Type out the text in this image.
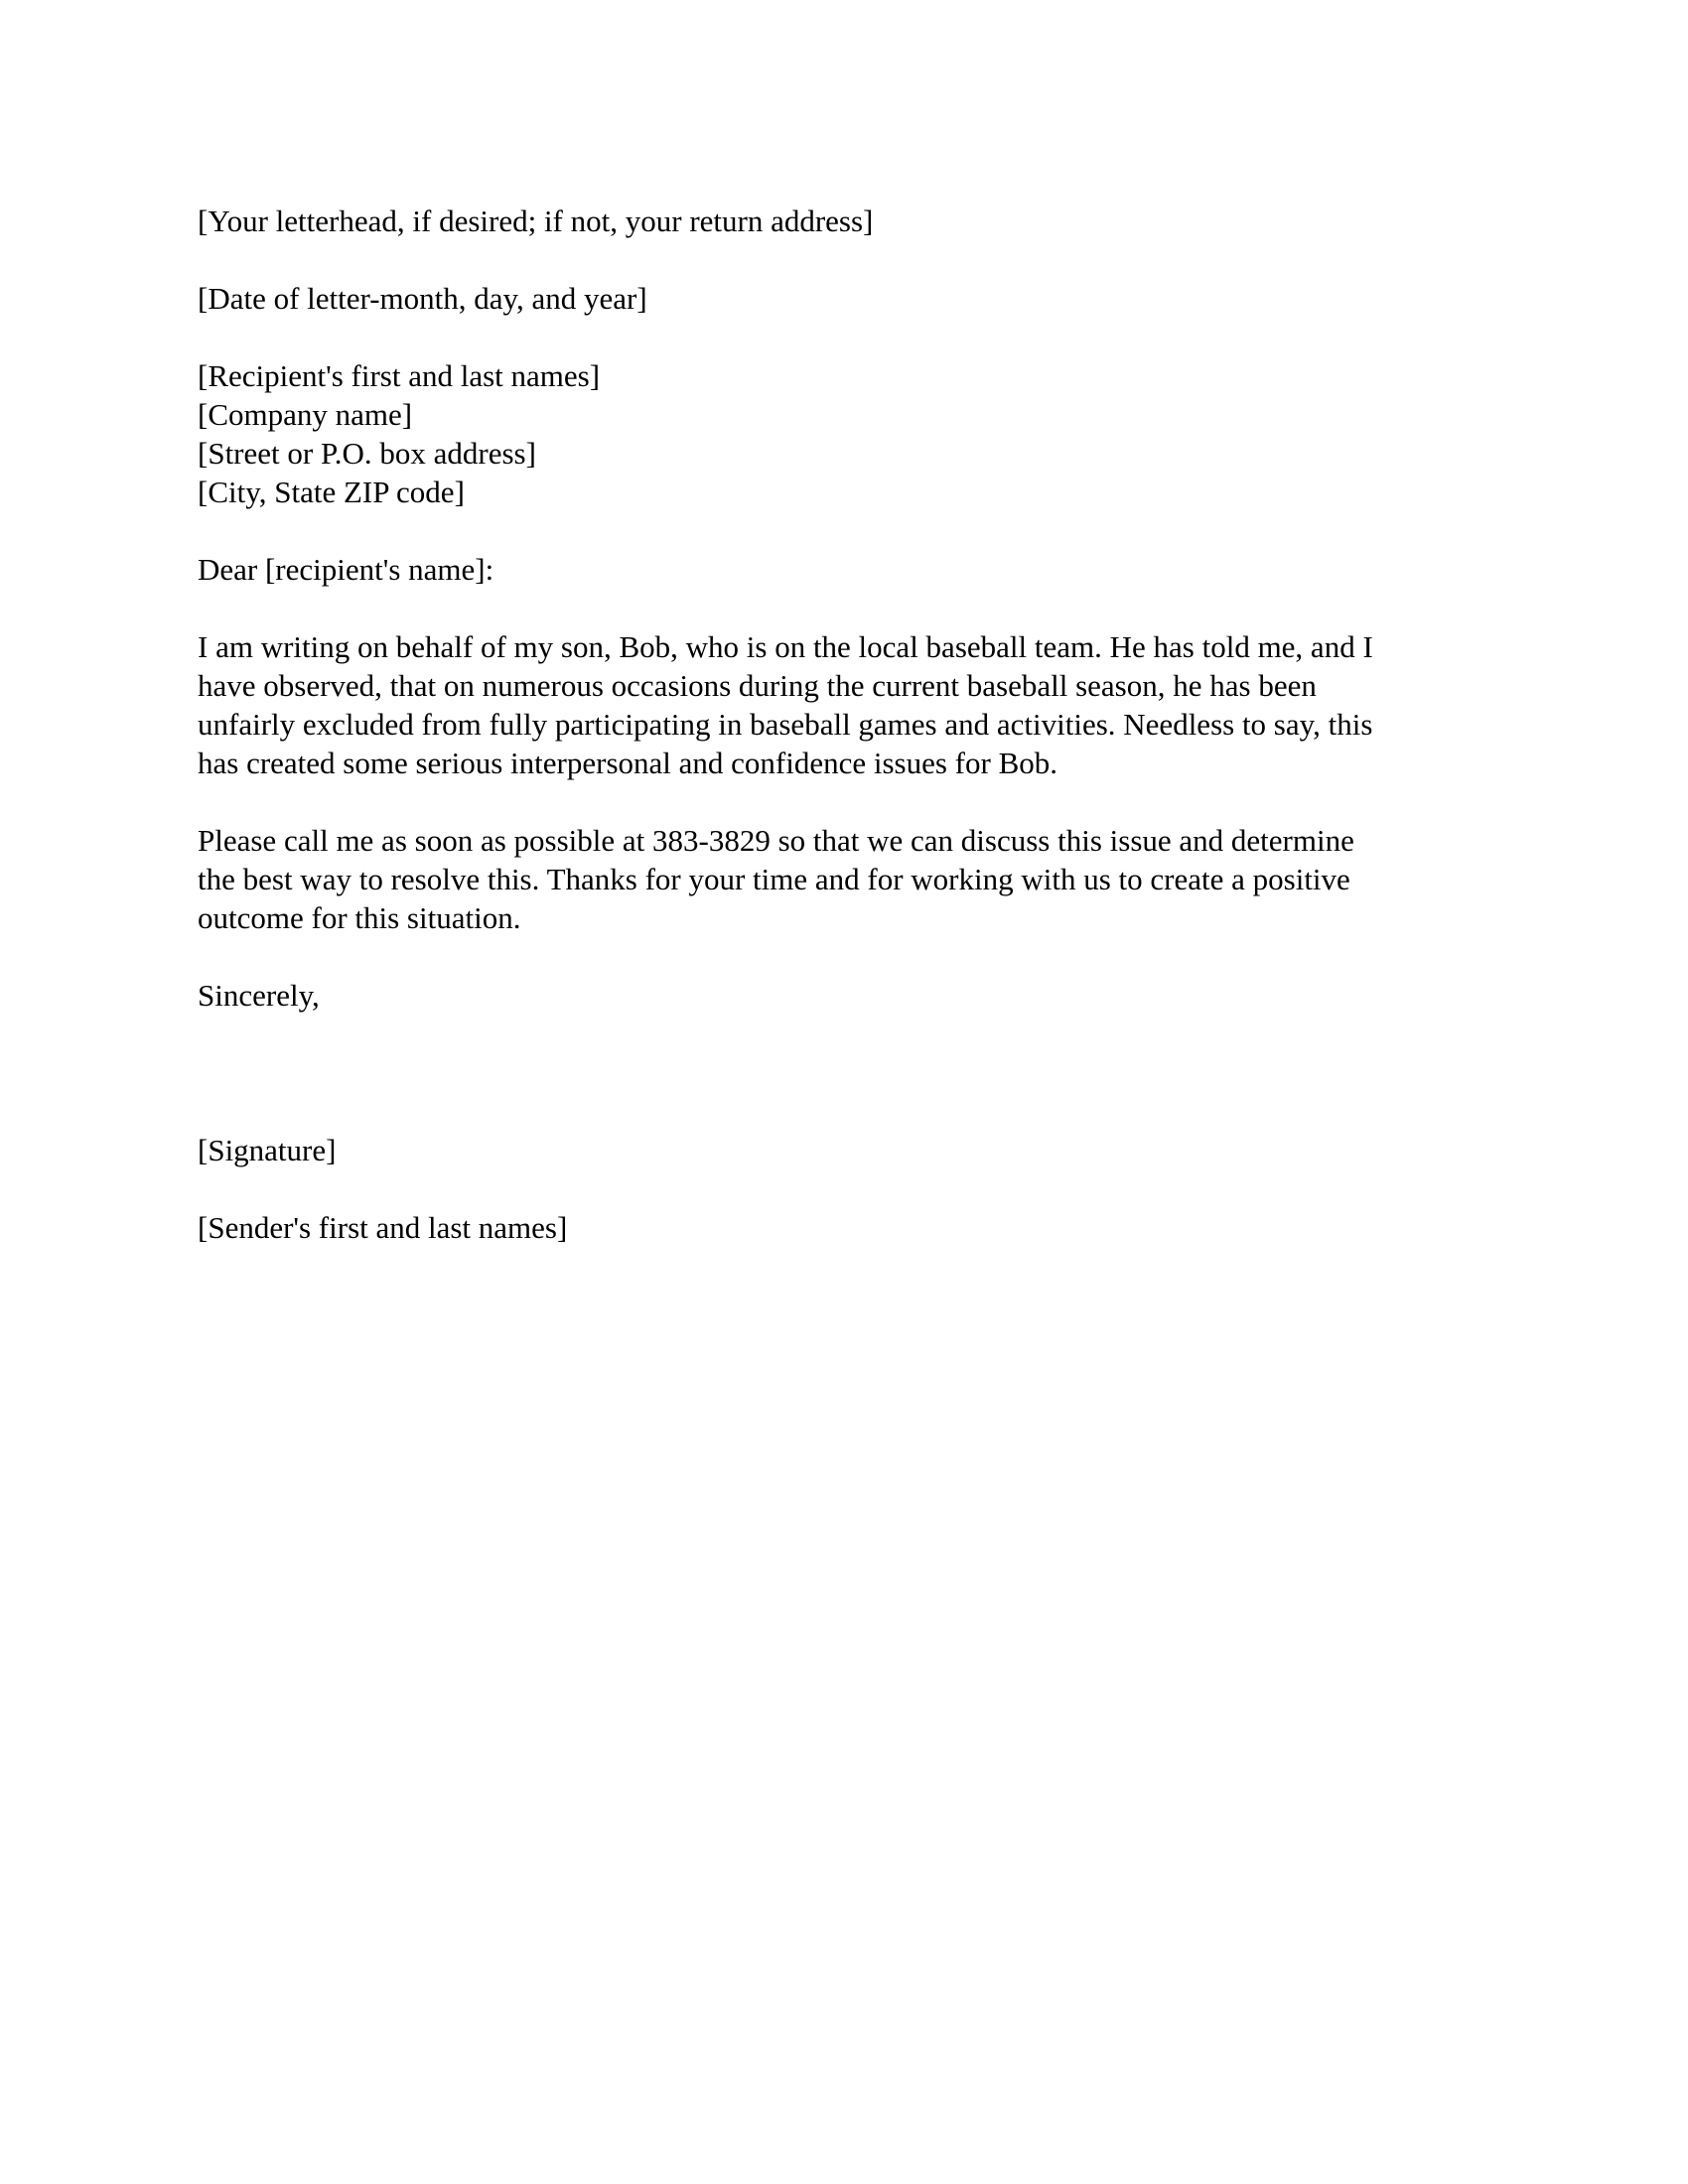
[Your letterhead, if desired; if not, your return address]
[Date of letter-month, day, and year]
[Recipient's first and last names]
[Company name]
[Street or P.O. box address]
[City, State ZIP code]
Dear [recipient's name]:
I am writing on behalf of my son, Bob, who is on the local baseball team. He has told me, and I
have observed, that on numerous occasions during the current baseball season, he has been
unfairly excluded from fully participating in baseball games and activities. Needless to say, this
has created some serious interpersonal and confidence issues for Bob.
Please call me as soon as possible at 383-3829 so that we can discuss this issue and determine
the best way to resolve this. Thanks for your time and for working with us to create a positive
outcome for this situation.
Sincerely,
[Signature]
[Sender's first and last names]
